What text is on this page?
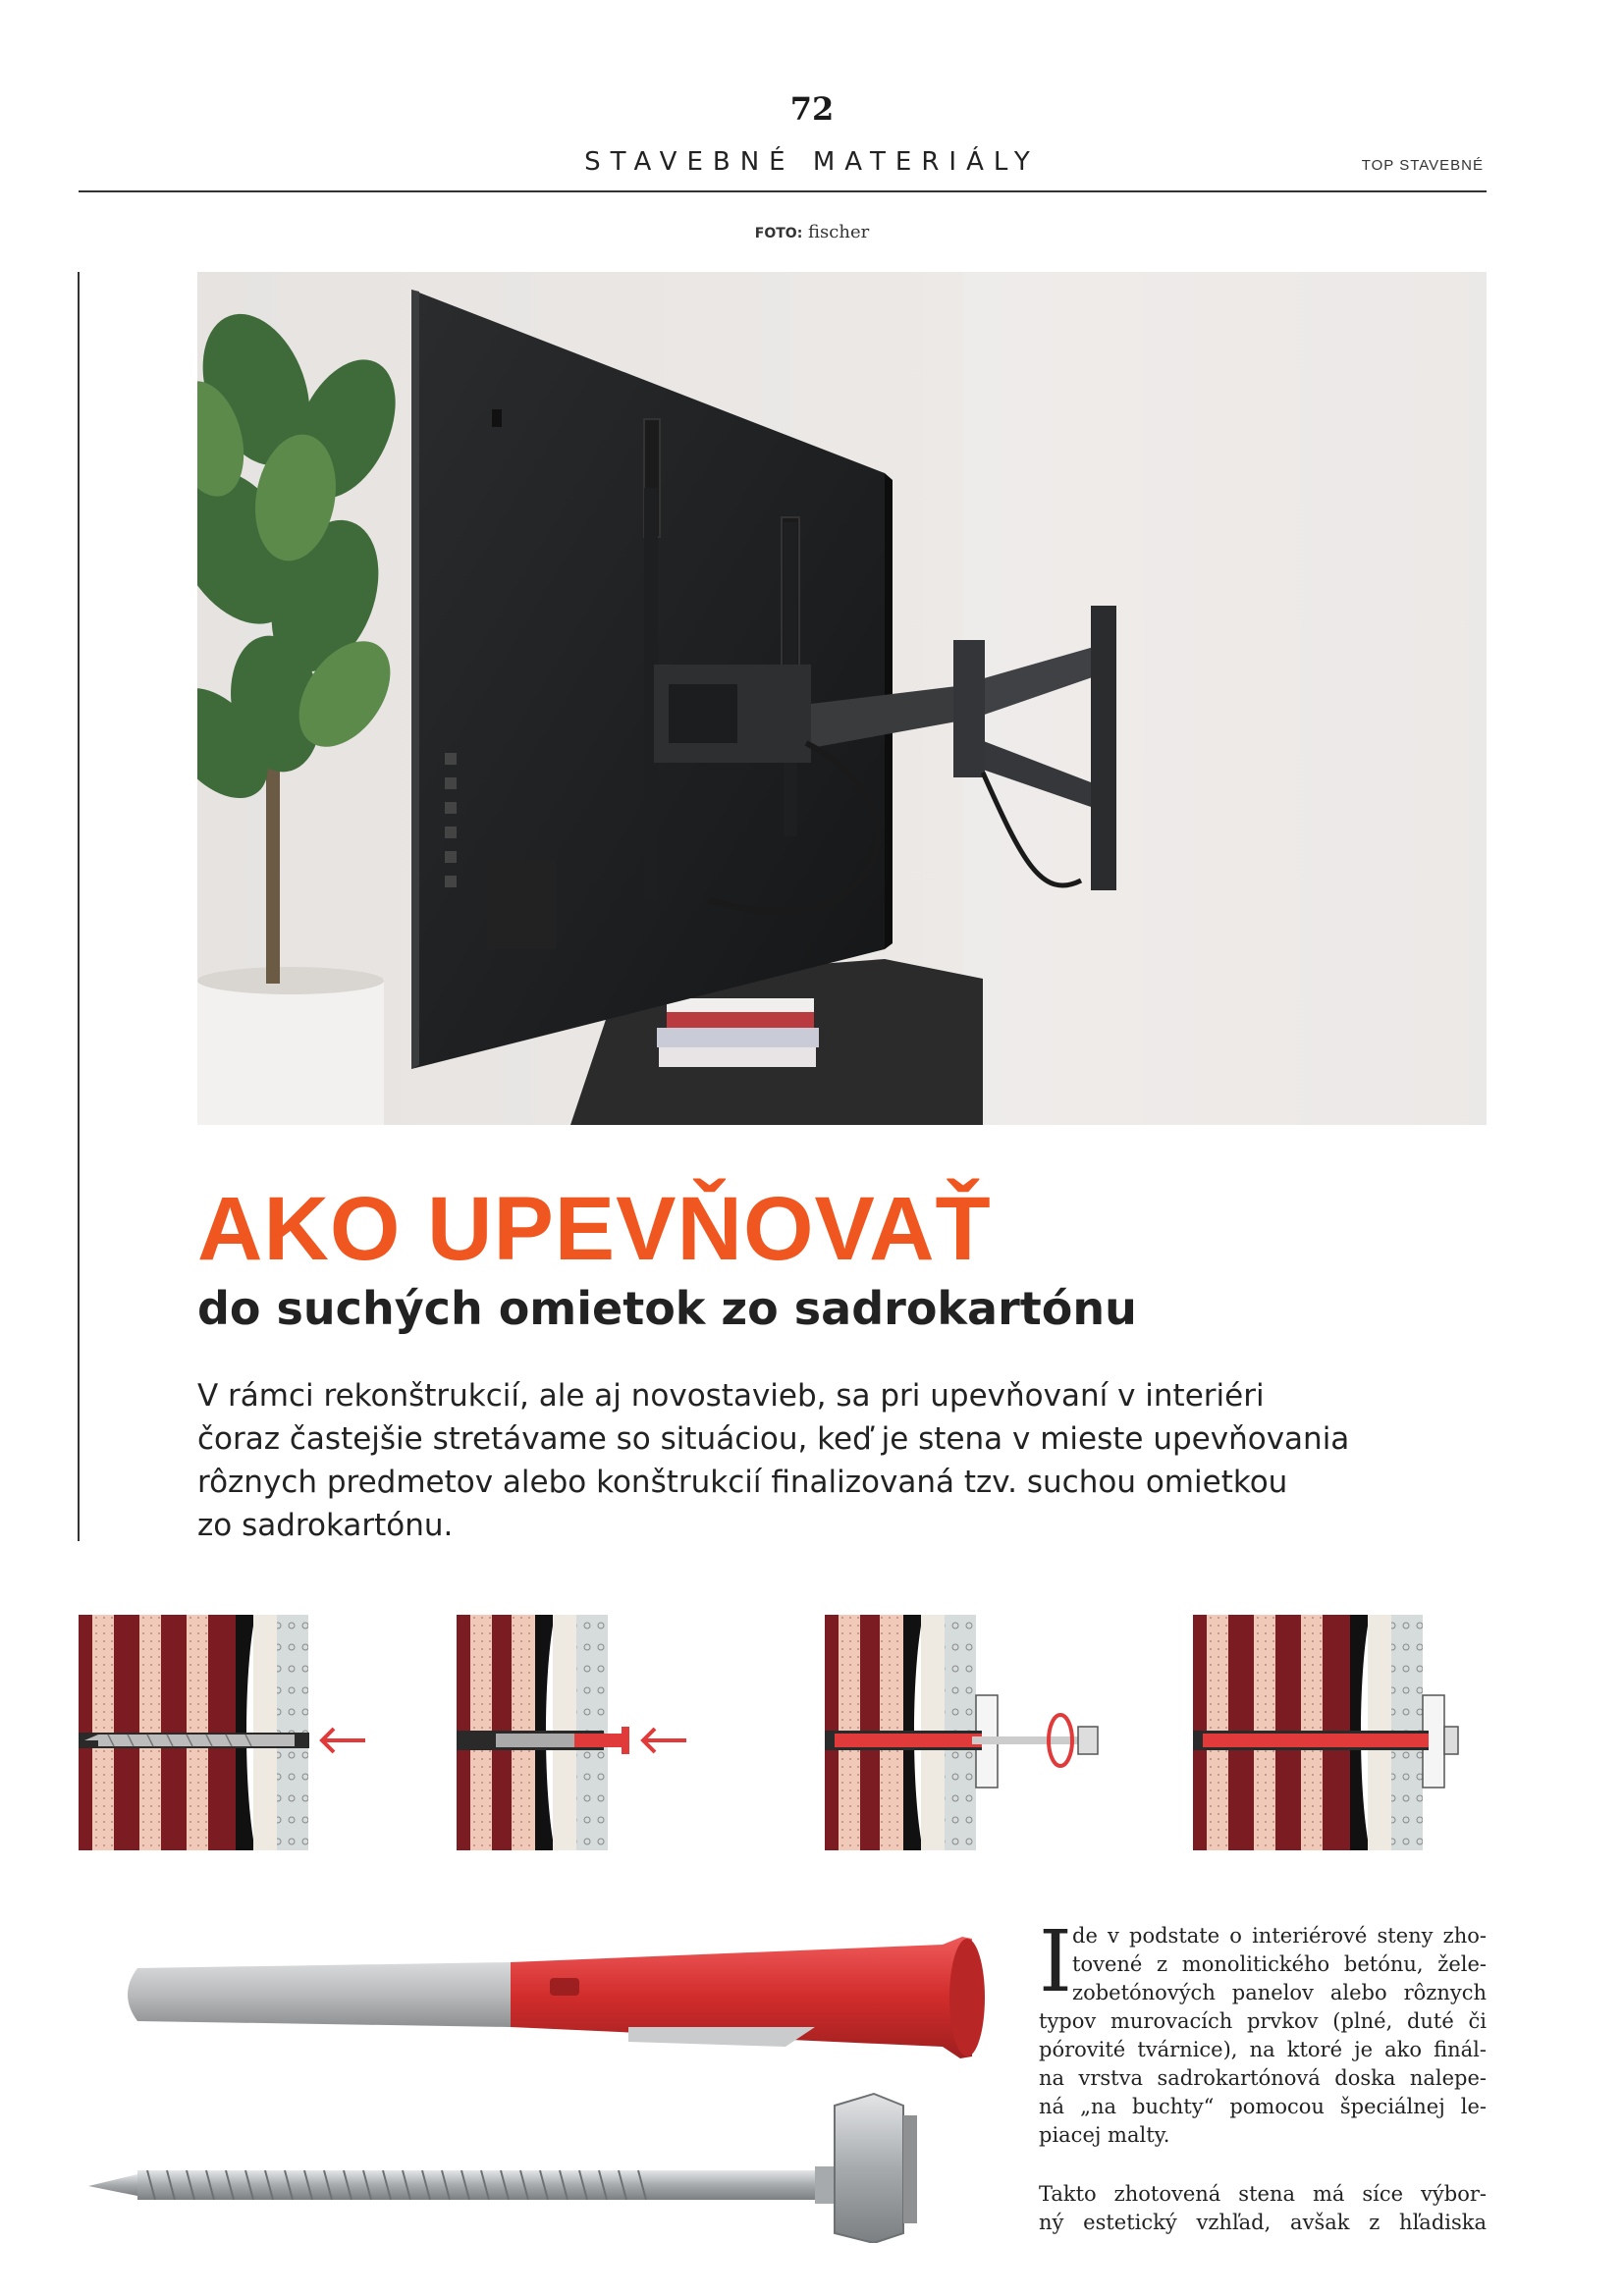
72
STAVEBNÉ MATERIÁLY	TOP STAVEBNÉ
FOTO: fischer
AKO UPEVŇOVAŤ
do suchých omietok zo sadrokartónu
V rámci rekonštrukcií, ale aj novostavieb, sa pri upevňovaní v interiéri
čoraz častejšie stretávame so situáciou, keď je stena v mieste upevňovania
rôznych predmetov alebo konštrukcií finalizovaná tzv. suchou omietkou
zo sadrokartónu.
I de v podstate o interiérové steny zho-
tovené z monolitického betónu, žele-
zobetónových panelov alebo rôznych
typov murovacích prvkov (plné, duté či
pórovité tvárnice), na ktoré je ako finál-
na vrstva sadrokartónová doska nalepe-
ná „na buchty“ pomocou špeciálnej le-
piacej malty.
Takto zhotovená stena má síce výbor-
ný estetický vzhľad, avšak z hľadiska
